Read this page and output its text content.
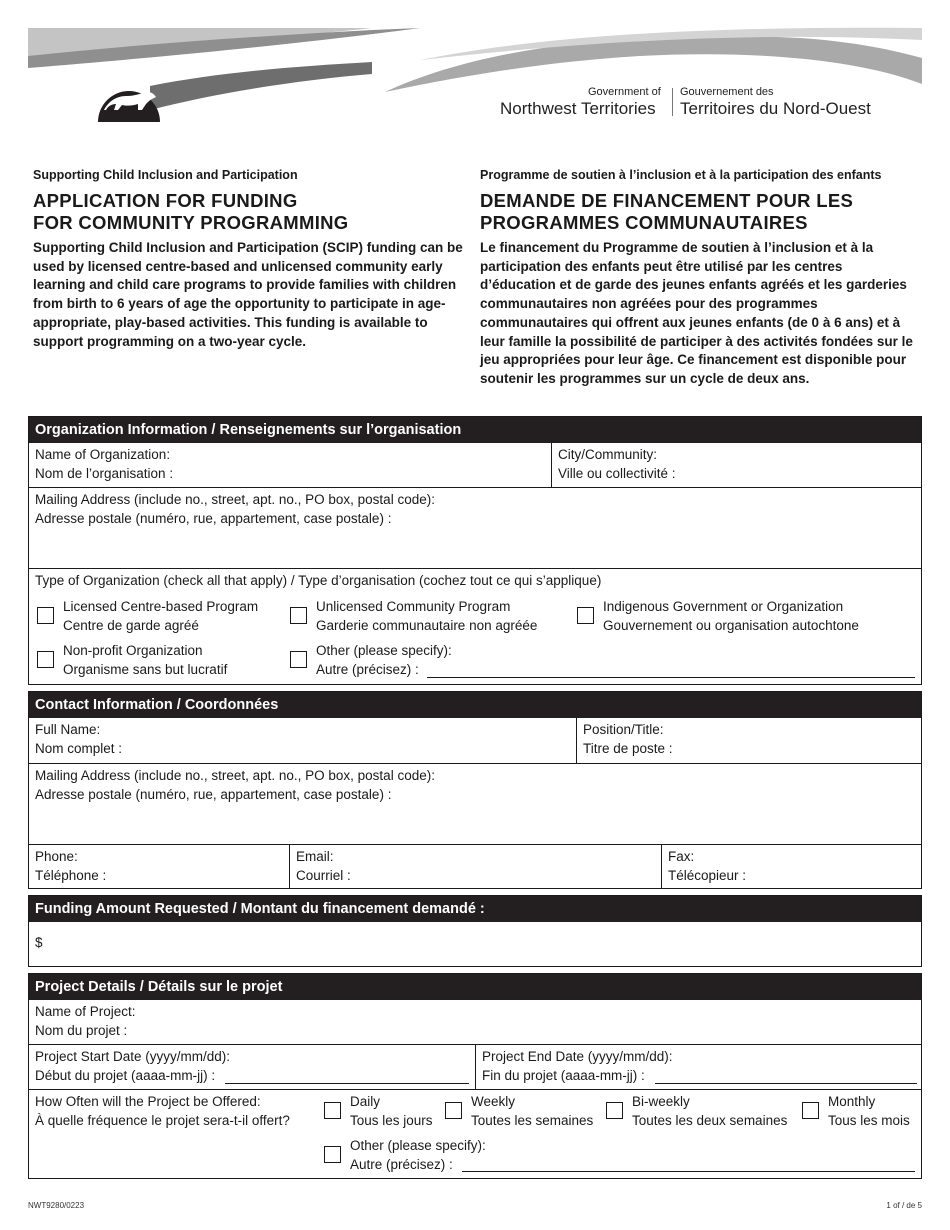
Government of
Northwest Territories
Gouvernement des
Territoires du Nord-Ouest
Supporting Child Inclusion and Participation
APPLICATION FOR FUNDING
FOR COMMUNITY PROGRAMMING

Supporting Child Inclusion and Participation (SCIP) funding can be used by licensed centre-based and unlicensed community early learning and child care programs to provide families with children from birth to 6 years of age the opportunity to participate in age-appropriate, play-based activities. This funding is available to support programming on a two-year cycle.

Programme de soutien à l’inclusion et à la participation des enfants
DEMANDE DE FINANCEMENT POUR LES
PROGRAMMES COMMUNAUTAIRES

Le financement du Programme de soutien à l’inclusion et à la participation des enfants peut être utilisé par les centres d’éducation et de garde des jeunes enfants agréés et les garderies communautaires non agréées pour des programmes communautaires qui offrent aux jeunes enfants (de 0 à 6 ans) et à leur famille la possibilité de participer à des activités fondées sur le jeu appropriées pour leur âge. Ce financement est disponible pour soutenir les programmes sur un cycle de deux ans.

Organization Information / Renseignements sur l’organisation
Name of Organization:
Nom de l’organisation :
City/Community:
Ville ou collectivité :
Mailing Address (include no., street, apt. no., PO box, postal code):
Adresse postale (numéro, rue, appartement, case postale) :
Type of Organization (check all that apply) / Type d’organisation (cochez tout ce qui s’applique)
Licensed Centre-based Program
Centre de garde agréé
Unlicensed Community Program
Garderie communautaire non agréée
Indigenous Government or Organization
Gouvernement ou organisation autochtone
Non-profit Organization
Organisme sans but lucratif
Other (please specify):
Autre (précisez) :
Contact Information / Coordonnées
Full Name:
Nom complet :
Position/Title:
Titre de poste :
Mailing Address (include no., street, apt. no., PO box, postal code):
Adresse postale (numéro, rue, appartement, case postale) :
Phone:
Téléphone :
Email:
Courriel :
Fax:
Télécopieur :
Funding Amount Requested / Montant du financement demandé :
$
Project Details / Détails sur le projet
Name of Project:
Nom du projet :
Project Start Date (yyyy/mm/dd):
Début du projet (aaaa-mm-jj) :
Project End Date (yyyy/mm/dd):
Fin du projet (aaaa-mm-jj) :
How Often will the Project be Offered:
À quelle fréquence le projet sera-t-il offert?
Daily
Tous les jours
Weekly
Toutes les semaines
Bi-weekly
Toutes les deux semaines
Monthly
Tous les mois
Other (please specify):
Autre (précisez) :
NWT9280/0223	1 of / de 5
